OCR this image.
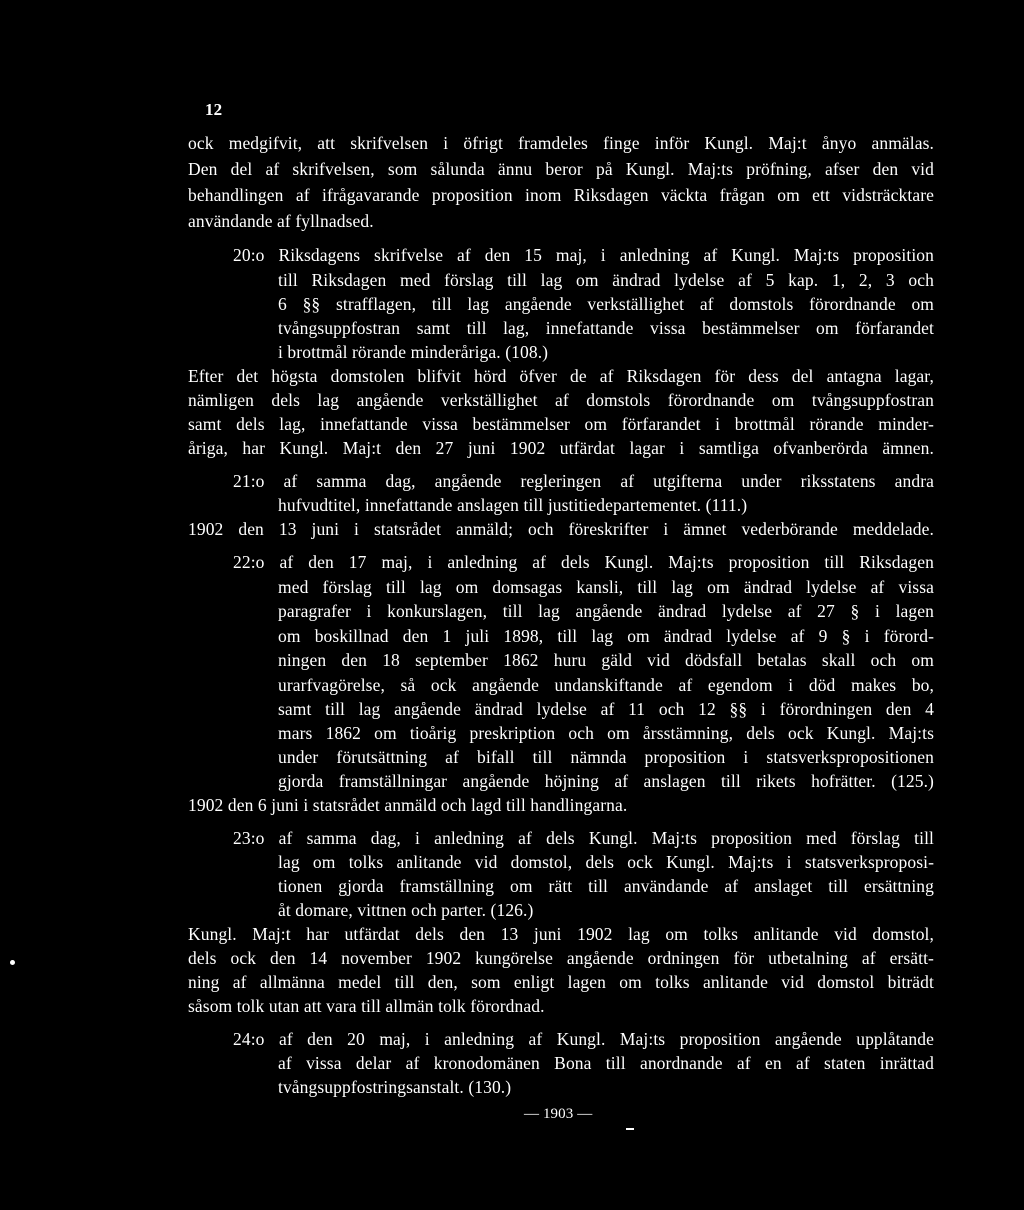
12
ock medgifvit, att skrifvelsen i öfrigt framdeles finge inför Kungl. Maj:t ånyo anmälas.
Den del af skrifvelsen, som sålunda ännu beror på Kungl. Maj:ts pröfning, afser den vid
behandlingen af ifrågavarande proposition inom Riksdagen väckta frågan om ett vidsträcktare
användande af fyllnadsed.
20:o Riksdagens skrifvelse af den 15 maj, i anledning af Kungl. Maj:ts proposition
till Riksdagen med förslag till lag om ändrad lydelse af 5 kap. 1, 2, 3 och
6 §§ strafflagen, till lag angående verkställighet af domstols förordnande om
tvångsuppfostran samt till lag, innefattande vissa bestämmelser om förfarandet
i brottmål rörande minderåriga. (108.)
Efter det högsta domstolen blifvit hörd öfver de af Riksdagen för dess del antagna lagar,
nämligen dels lag angående verkställighet af domstols förordnande om tvångsuppfostran
samt dels lag, innefattande vissa bestämmelser om förfarandet i brottmål rörande minder-
åriga, har Kungl. Maj:t den 27 juni 1902 utfärdat lagar i samtliga ofvanberörda ämnen.
21:o af samma dag, angående regleringen af utgifterna under riksstatens andra
hufvudtitel, innefattande anslagen till justitiedepartementet. (111.)
1902 den 13 juni i statsrådet anmäld; och föreskrifter i ämnet vederbörande meddelade.
22:o af den 17 maj, i anledning af dels Kungl. Maj:ts proposition till Riksdagen
med förslag till lag om domsagas kansli, till lag om ändrad lydelse af vissa
paragrafer i konkurslagen, till lag angående ändrad lydelse af 27 § i lagen
om boskillnad den 1 juli 1898, till lag om ändrad lydelse af 9 § i förord-
ningen den 18 september 1862 huru gäld vid dödsfall betalas skall och om
urarfvagörelse, så ock angående undanskiftande af egendom i död makes bo,
samt till lag angående ändrad lydelse af 11 och 12 §§ i förordningen den 4
mars 1862 om tioårig preskription och om årsstämning, dels ock Kungl. Maj:ts
under förutsättning af bifall till nämnda proposition i statsverkspropositionen
gjorda framställningar angående höjning af anslagen till rikets hofrätter. (125.)
1902 den 6 juni i statsrådet anmäld och lagd till handlingarna.
23:o af samma dag, i anledning af dels Kungl. Maj:ts proposition med förslag till
lag om tolks anlitande vid domstol, dels ock Kungl. Maj:ts i statsverksproposi-
tionen gjorda framställning om rätt till användande af anslaget till ersättning
åt domare, vittnen och parter. (126.)
Kungl. Maj:t har utfärdat dels den 13 juni 1902 lag om tolks anlitande vid domstol,
dels ock den 14 november 1902 kungörelse angående ordningen för utbetalning af ersätt-
ning af allmänna medel till den, som enligt lagen om tolks anlitande vid domstol biträdt
såsom tolk utan att vara till allmän tolk förordnad.
24:o af den 20 maj, i anledning af Kungl. Maj:ts proposition angående upplåtande
af vissa delar af kronodomänen Bona till anordnande af en af staten inrättad
tvångsuppfostringsanstalt. (130.)
— 1903 —
